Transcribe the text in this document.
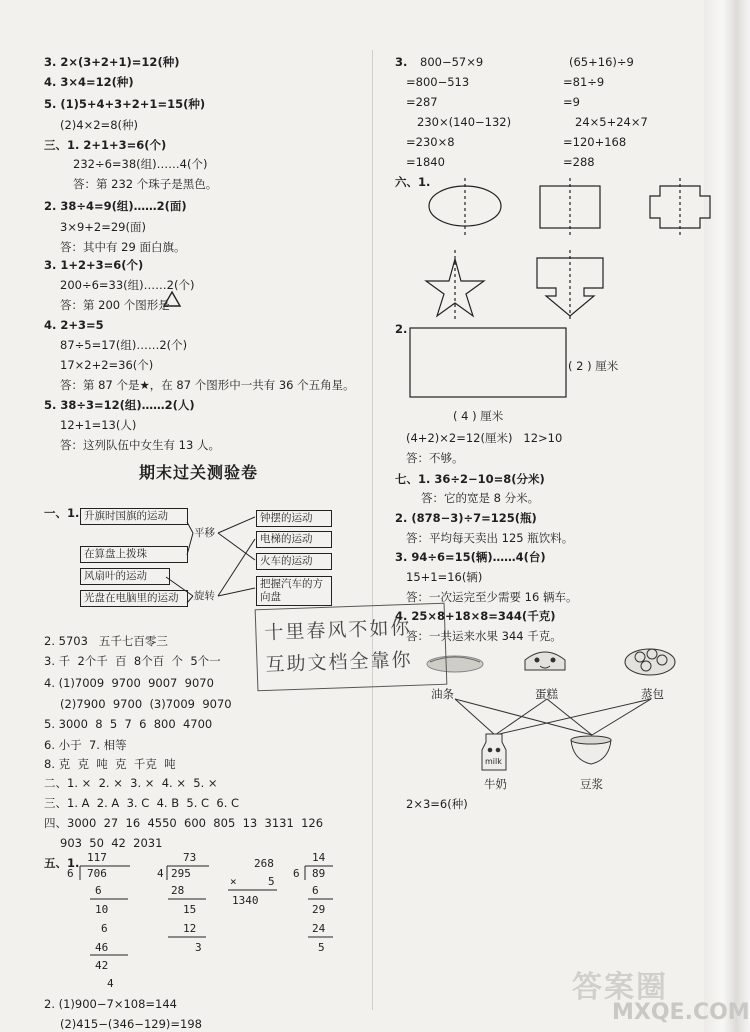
3. 2×(3+2+1)=12(种)
4. 3×4=12(种)
5. (1)5+4+3+2+1=15(种)
(2)4×2=8(种)
三、1. 2+1+3=6(个)
232÷6=38(组)……4(个)
答：第 232 个珠子是黑色。
2. 38÷4=9(组)……2(面)
3×9+2=29(面)
答：其中有 29 面白旗。
3. 1+2+3=6(个)
200÷6=33(组)……2(个)
答：第 200 个图形是
4. 2+3=5
87÷5=17(组)……2(个)
17×2+2=36(个)
答：第 87 个是★，在 87 个图形中一共有 36 个五角星。
5. 38÷3=12(组)……2(人)
12+1=13(人)
答：这列队伍中女生有 13 人。
期末过关测验卷
一、1. 升旗时国旗的运动
在算盘上拨珠
风扇叶的运动
光盘在电脑里的运动
平移
旋转
钟摆的运动
电梯的运动
火车的运动
把握汽车的方向盘
2. 5703   五千七百零三
3. 千  2个千  百  8个百  个  5个一
4. (1)7009  9700  9007  9070
(2)7900  9700  (3)7009  9070
5. 3000  8  5  7  6  800  4700
6. 小于  7. 相等
8. 克  克  吨  克  千克  吨
二、1. ×  2. ×  3. ×  4. ×  5. ×
三、1. A  2. A  3. C  4. B  5. C  6. C
四、3000  27  16  4550  600  805  13  3131  126
903  50  42  2031
五、1. 117
6 706
6
10
6
46
42
4
73
4 295
28
15
12
3
268
×	5
1340
14
6 89
6
29
24
5
2. (1)900−7×108=144
(2)415−(346−129)=198
3. 800−57×9
=800−513
=287
230×(140−132)
=230×8
=1840
(65+16)÷9
=81÷9
=9
24×5+24×7
=120+168
=288
六、1.
2.
( 2 ) 厘米
( 4 ) 厘米
(4+2)×2=12(厘米)   12>10
答：不够。
七、1. 36÷2−10=8(分米)
答：它的宽是 8 分米。
2. (878−3)÷7=125(瓶)
答：平均每天卖出 125 瓶饮料。
3. 94÷6=15(辆)……4(台)
15+1=16(辆)
答：一次运完至少需要 16 辆车。
4. 25×8+18×8=344(千克)
答：一共运来水果 344 千克。
milk
油条	蛋糕	蒸包
牛奶	豆浆
2×3=6(种)
十里春风不如你
互助文档全靠你
答案圈
MXQE.COM
